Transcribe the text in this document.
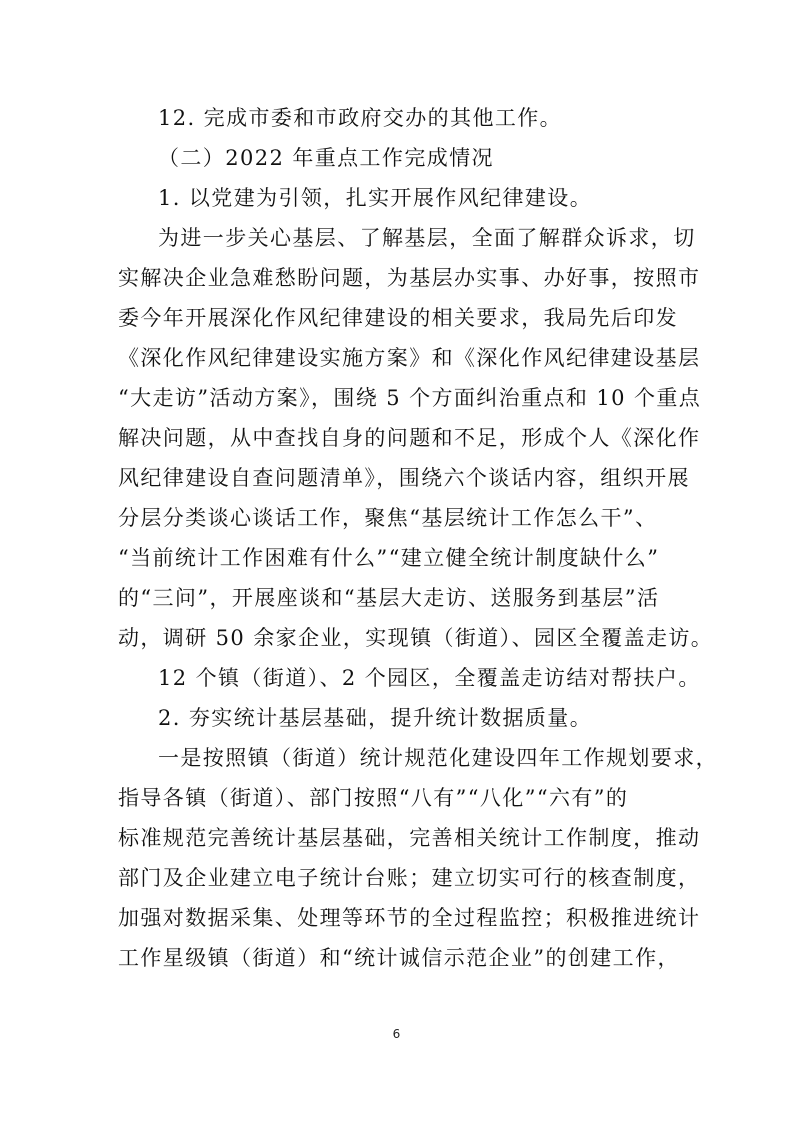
12. 完成市委和市政府交办的其他工作。
（二）2022 年重点工作完成情况
1. 以党建为引领，扎实开展作风纪律建设。
为进一步关心基层、了解基层，全面了解群众诉求，切
实解决企业急难愁盼问题，为基层办实事、办好事，按照市
委今年开展深化作风纪律建设的相关要求，我局先后印发
《深化作风纪律建设实施方案》和《深化作风纪律建设基层
“大走访”活动方案》，围绕 5 个方面纠治重点和 10 个重点
解决问题，从中查找自身的问题和不足，形成个人《深化作
风纪律建设自查问题清单》，围绕六个谈话内容，组织开展
分层分类谈心谈话工作，聚焦“基层统计工作怎么干”、
“当前统计工作困难有什么”“建立健全统计制度缺什么”
的“三问”，开展座谈和“基层大走访、送服务到基层”活
动，调研 50 余家企业，实现镇（街道）、园区全覆盖走访。
12 个镇（街道）、2 个园区，全覆盖走访结对帮扶户。
2. 夯实统计基层基础，提升统计数据质量。
一是按照镇（街道）统计规范化建设四年工作规划要求，
指导各镇（街道）、部门按照“八有”“八化”“六有”的
标准规范完善统计基层基础，完善相关统计工作制度，推动
部门及企业建立电子统计台账；建立切实可行的核查制度，
加强对数据采集、处理等环节的全过程监控；积极推进统计
工作星级镇（街道）和“统计诚信示范企业”的创建工作，
6
